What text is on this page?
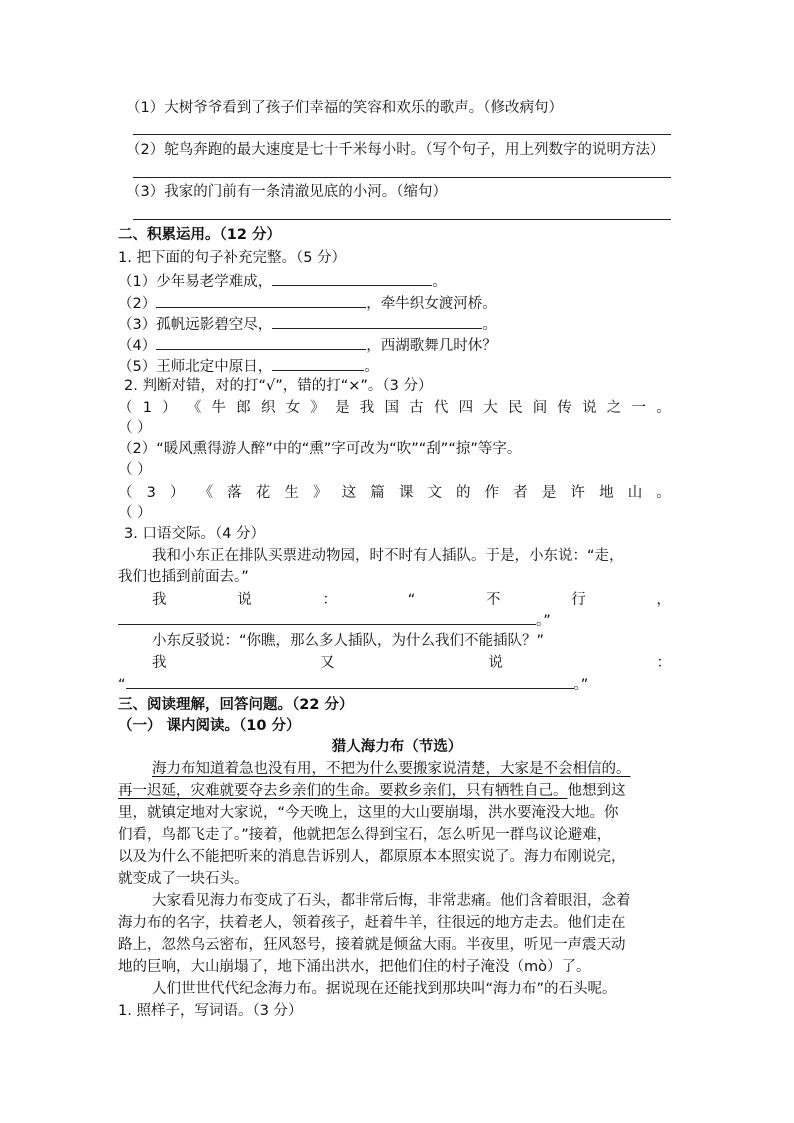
（1）大树爷爷看到了孩子们幸福的笑容和欢乐的歌声。（修改病句）
（2）鸵鸟奔跑的最大速度是七十千米每小时。（写个句子，用上列数字的说明方法）
（3）我家的门前有一条清澈见底的小河。（缩句）
二、积累运用。（12 分）
1. 把下面的句子补充完整。（5 分）
（1）少年易老学难成，	。
（2）	，牵牛织女渡河桥。
（3）孤帆远影碧空尽，	。
（4）	，西湖歌舞几时休？
（5）王师北定中原日，	。
2. 判断对错，对的打“√”，错的打“×”。（3 分）
（ 1 ） 《 牛 郎 织 女 》 是 我 国 古 代 四 大 民 间 传 说 之 一 。
（ ）
（2）“暖风熏得游人醉”中的“熏”字可改为“吹”“刮”“掠”等字。
（ ）
（ 3 ） 《 落 花 生 》 这 篇 课 文 的 作 者 是 许 地 山 。
（ ）
3. 口语交际。（4 分）
我和小东正在排队买票进动物园，时不时有人插队。于是，小东说：“走，
我们也插到前面去。”
我	说	：	“	不	行	，
。”
小东反驳说：“你瞧，那么多人插队，为什么我们不能插队？”
我	又	说	：
“	。”
三、阅读理解，回答问题。（22 分）
（一） 课内阅读。（10 分）
猎人海力布（节选）
海力布知道着急也没有用，不把为什么要搬家说清楚，大家是不会相信的。
再一迟延，灾难就要夺去乡亲们的生命。要救乡亲们，只有牺牲自己。他想到这
里，就镇定地对大家说，“今天晚上，这里的大山要崩塌，洪水要淹没大地。你
们看，鸟都飞走了。”接着，他就把怎么得到宝石，怎么听见一群鸟议论避难，
以及为什么不能把听来的消息告诉别人，都原原本本照实说了。海力布刚说完，
就变成了一块石头。
大家看见海力布变成了石头，都非常后悔，非常悲痛。他们含着眼泪，念着
海力布的名字，扶着老人，领着孩子，赶着牛羊，往很远的地方走去。他们走在
路上，忽然乌云密布，狂风怒号，接着就是倾盆大雨。半夜里，听见一声震天动
地的巨响，大山崩塌了，地下涌出洪水，把他们住的村子淹没（mò）了。
人们世世代代纪念海力布。据说现在还能找到那块叫“海力布”的石头呢。
1. 照样子，写词语。（3 分）
